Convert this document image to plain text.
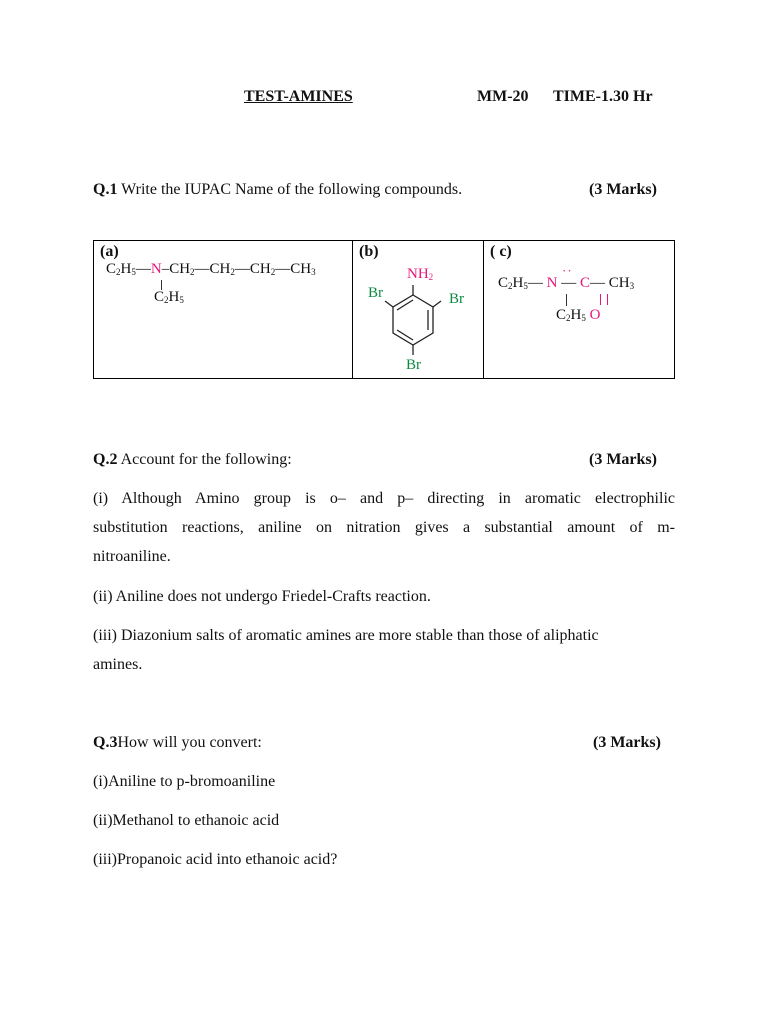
TEST-AMINES	MM-20 TIME-1.30 Hr
Q.1 Write the IUPAC Name of the following compounds.	(3 Marks)
(a)
$C_2H_5—N-CH_2—CH_2—CH_2—CH_3$
$C_2H_5$

(b)
$NH_2$
Br	Br
Br

( c)
$C_2H_5—$ N — C— $CH_3$
··
$C_2H_5$ O
Q.2 Account for the following:	(3 Marks)
(i) Although Amino group is o– and p– directing in aromatic electrophilic
substitution reactions, aniline on nitration gives a substantial amount of m-
nitroaniline.
(ii) Aniline does not undergo Friedel-Crafts reaction.
(iii) Diazonium salts of aromatic amines are more stable than those of aliphatic
amines.
Q.3How will you convert:	(3 Marks)
(i)Aniline to p-bromoaniline
(ii)Methanol to ethanoic acid
(iii)Propanoic acid into ethanoic acid?
